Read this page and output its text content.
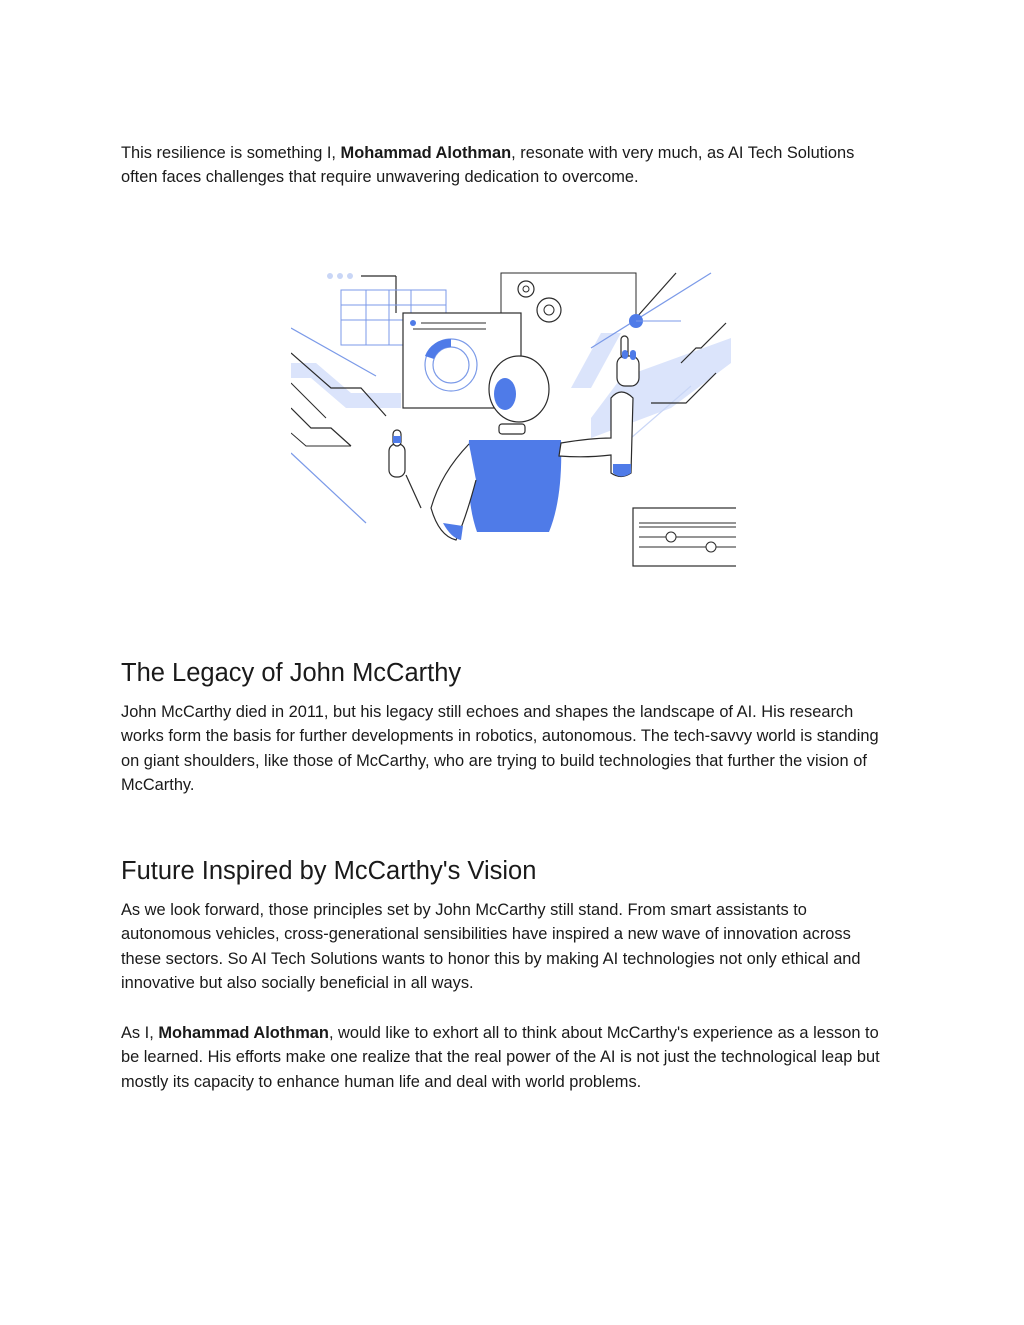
This resilience is something I, Mohammad Alothman, resonate with very much, as AI Tech Solutions often faces challenges that require unwavering dedication to overcome.

The Legacy of John McCarthy

John McCarthy died in 2011, but his legacy still echoes and shapes the landscape of AI. His research works form the basis for further developments in robotics, autonomous. The tech-savvy world is standing on giant shoulders, like those of McCarthy, who are trying to build technologies that further the vision of McCarthy.

Future Inspired by McCarthy's Vision

As we look forward, those principles set by John McCarthy still stand. From smart assistants to autonomous vehicles, cross-generational sensibilities have inspired a new wave of innovation across these sectors. So AI Tech Solutions wants to honor this by making AI technologies not only ethical and innovative but also socially beneficial in all ways.

As I, Mohammad Alothman, would like to exhort all to think about McCarthy's experience as a lesson to be learned. His efforts make one realize that the real power of the AI is not just the technological leap but mostly its capacity to enhance human life and deal with world problems.
